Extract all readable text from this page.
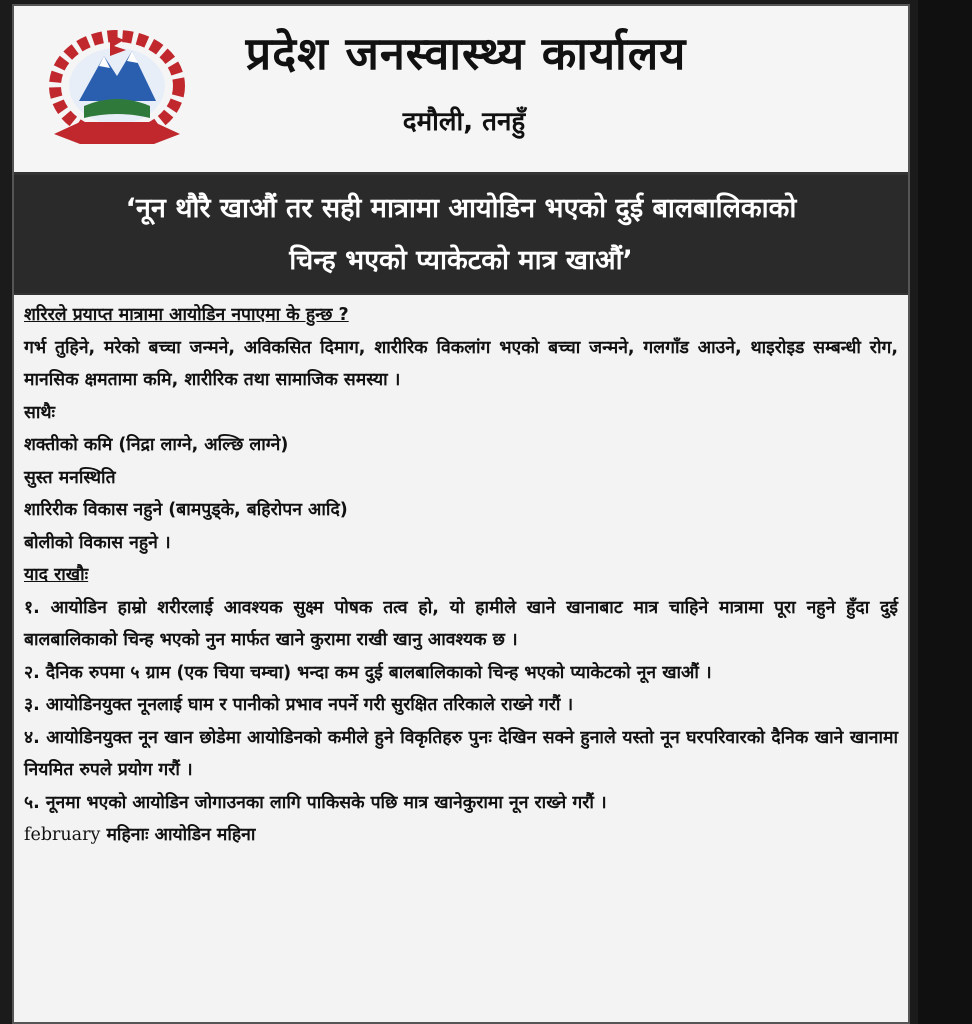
प्रदेश जनस्वास्थ्य कार्यालय
दमौली, तनहुँ
‘नून थौरै खाऔं तर सही मात्रामा आयोडिन भएको दुई बालबालिकाको
चिन्ह भएको प्याकेटको मात्र खाऔं’
शरिरले प्रयाप्त मात्रामा आयोडिन नपाएमा के हुन्छ ?
गर्भ तुहिने, मरेको बच्चा जन्मने, अविकसित दिमाग, शारीरिक विकलांग भएको बच्चा जन्मने, गलगाँड आउने, थाइरोइड सम्बन्धी रोग, मानसिक क्षमतामा कमि, शारीरिक तथा सामाजिक समस्या ।
साथैः
शक्तीको कमि (निद्रा लाग्ने, अल्छि लाग्ने)
सुस्त मनस्थिति
शारिरीक विकास नहुने (बामपुड्के, बहिरोपन आदि)
बोलीको विकास नहुने ।
याद राखौः
१. आयोडिन हाम्रो शरीरलाई आवश्यक सुक्ष्म पोषक तत्व हो, यो हामीले खाने खानाबाट मात्र चाहिने मात्रामा पूरा नहुने हुँदा दुई बालबालिकाको चिन्ह भएको नुन मार्फत खाने कुरामा राखी खानु आवश्यक छ ।
२. दैनिक रुपमा ५ ग्राम (एक चिया चम्चा) भन्दा कम दुई बालबालिकाको चिन्ह भएको प्याकेटको नून खाऔं ।
३. आयोडिनयुक्त नूनलाई घाम र पानीको प्रभाव नपर्ने गरी सुरक्षित तरिकाले राख्ने गरौं ।
४. आयोडिनयुक्त नून खान छोडेमा आयोडिनको कमीले हुने विकृतिहरु पुनः देखिन सक्ने हुनाले यस्तो नून घरपरिवारको दैनिक खाने खानामा नियमित रुपले प्रयोग गरौं ।
५. नूनमा भएको आयोडिन जोगाउनका लागि पाकिसके पछि मात्र खानेकुरामा नून राख्ने गरौं ।
february महिनाः आयोडिन महिना
